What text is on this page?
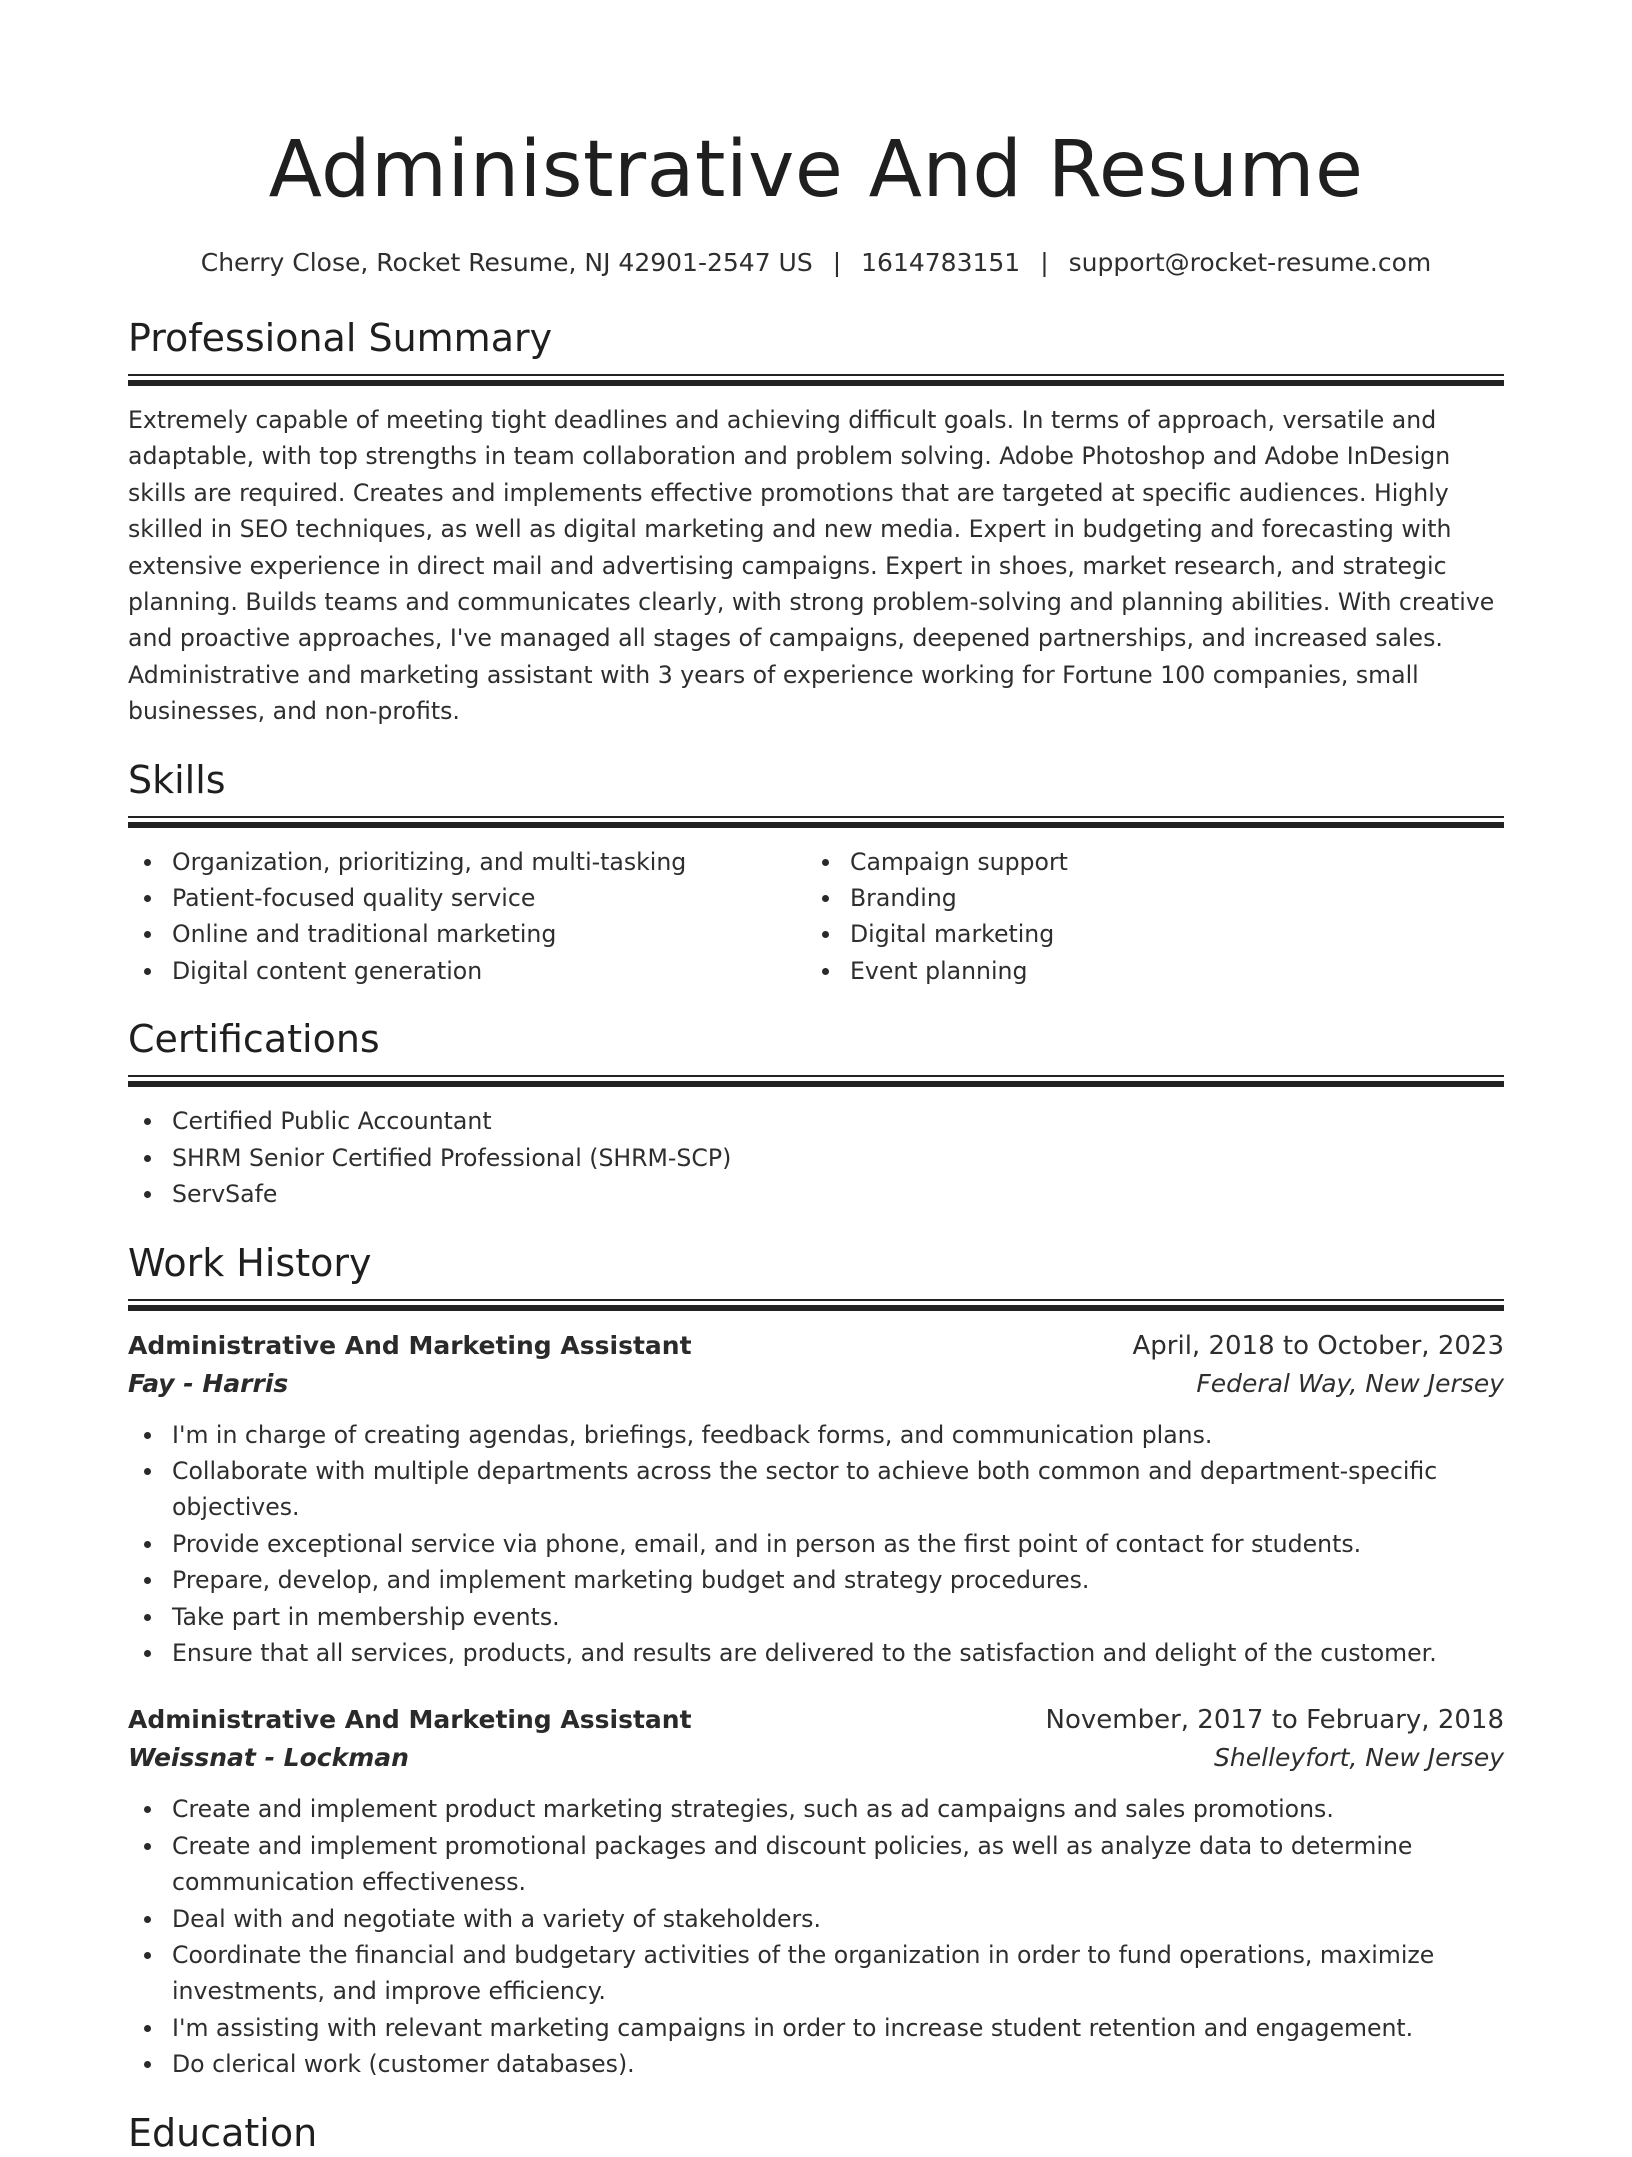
Administrative And Resume
Cherry Close, Rocket Resume, NJ 42901-2547 US | 1614783151 | support@rocket-resume.com
Professional Summary

Extremely capable of meeting tight deadlines and achieving difficult goals. In terms of approach, versatile and adaptable, with top strengths in team collaboration and problem solving. Adobe Photoshop and Adobe InDesign skills are required. Creates and implements effective promotions that are targeted at specific audiences. Highly skilled in SEO techniques, as well as digital marketing and new media. Expert in budgeting and forecasting with extensive experience in direct mail and advertising campaigns. Expert in shoes, market research, and strategic planning. Builds teams and communicates clearly, with strong problem-solving and planning abilities. With creative and proactive approaches, I've managed all stages of campaigns, deepened partnerships, and increased sales. Administrative and marketing assistant with 3 years of experience working for Fortune 100 companies, small businesses, and non-profits.

Skills
Organization, prioritizing, and multi-tasking
Patient-focused quality service
Online and traditional marketing
Digital content generation
Campaign support
Branding
Digital marketing
Event planning
Certifications
Certified Public Accountant
SHRM Senior Certified Professional (SHRM-SCP)
ServSafe
Work History
Administrative And Marketing Assistant	April, 2018 to October, 2023
Fay - Harris	Federal Way, New Jersey
I'm in charge of creating agendas, briefings, feedback forms, and communication plans.
Collaborate with multiple departments across the sector to achieve both common and department-specific objectives.
Provide exceptional service via phone, email, and in person as the first point of contact for students.
Prepare, develop, and implement marketing budget and strategy procedures.
Take part in membership events.
Ensure that all services, products, and results are delivered to the satisfaction and delight of the customer.
Administrative And Marketing Assistant	November, 2017 to February, 2018
Weissnat - Lockman	Shelleyfort, New Jersey
Create and implement product marketing strategies, such as ad campaigns and sales promotions.
Create and implement promotional packages and discount policies, as well as analyze data to determine communication effectiveness.
Deal with and negotiate with a variety of stakeholders.
Coordinate the financial and budgetary activities of the organization in order to fund operations, maximize investments, and improve efficiency.
I'm assisting with relevant marketing campaigns in order to increase student retention and engagement.
Do clerical work (customer databases).
Education
